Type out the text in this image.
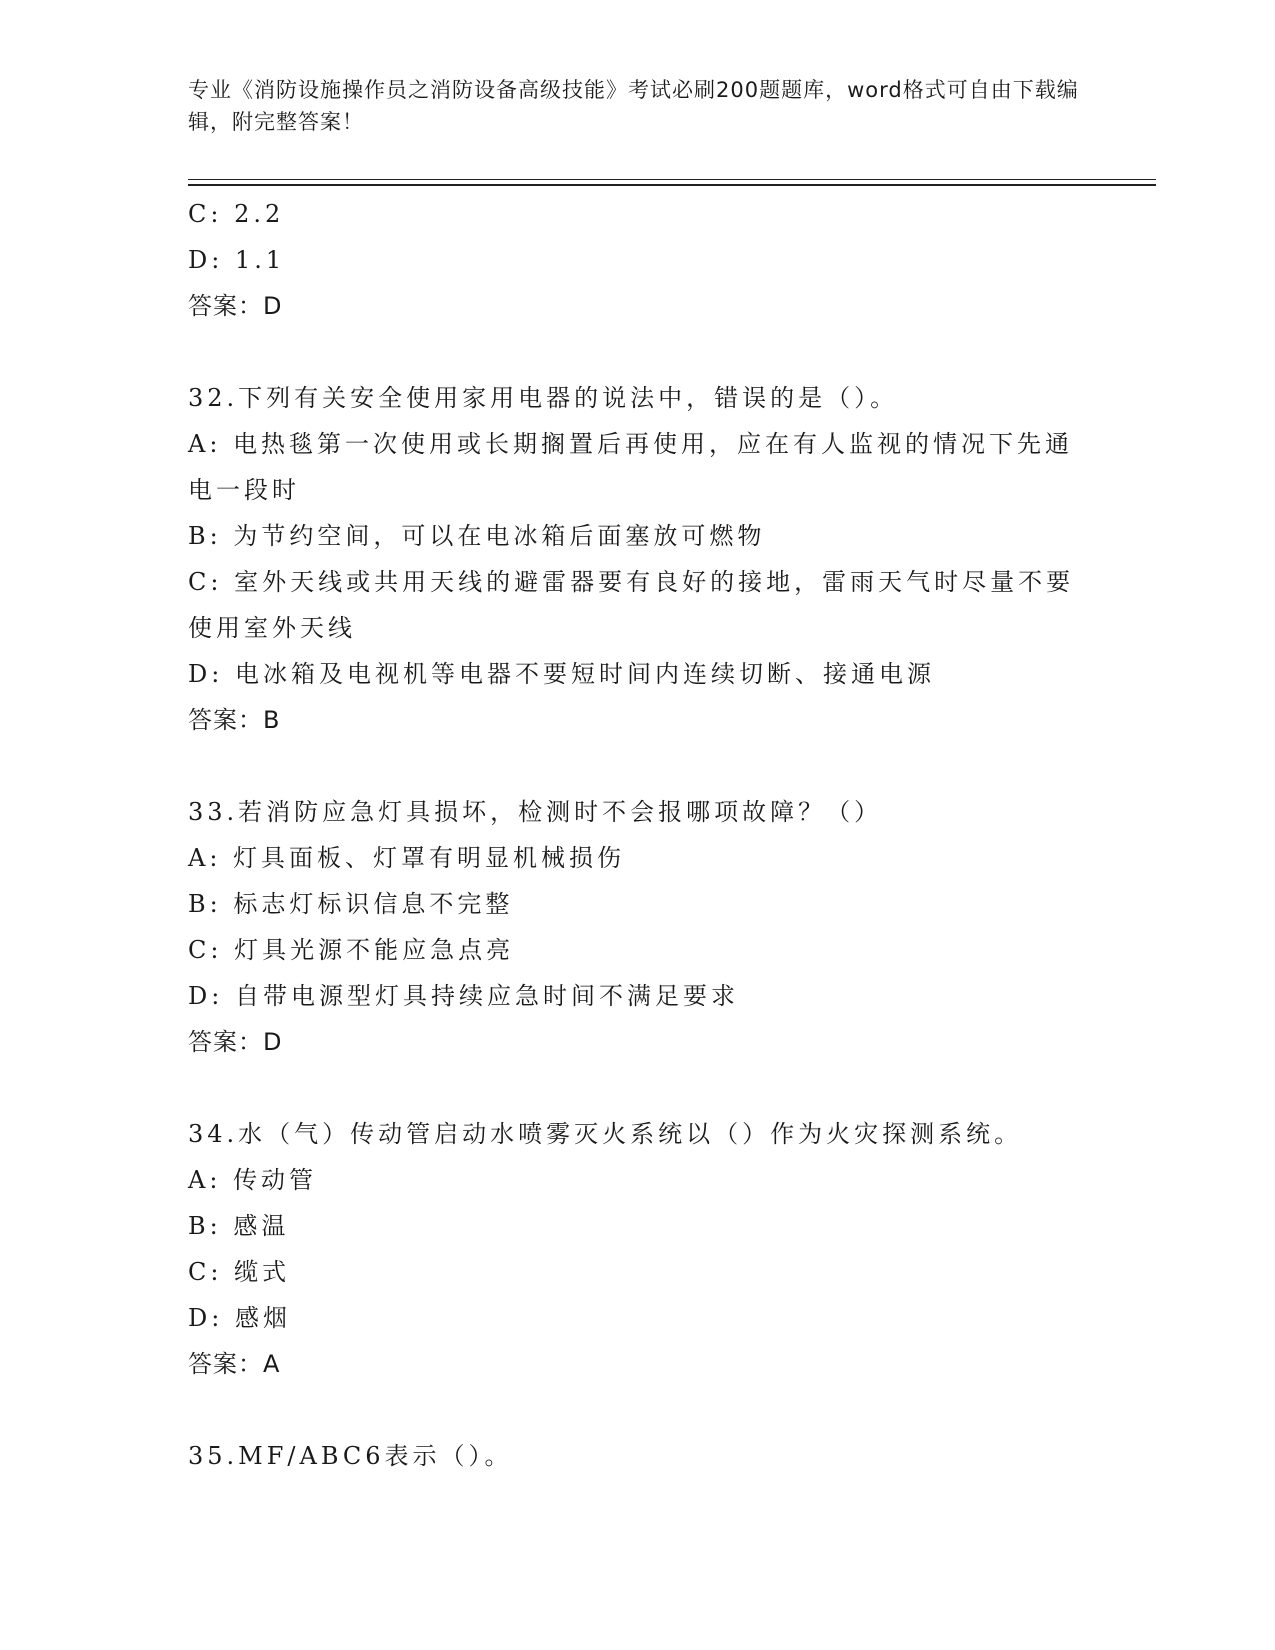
专业《消防设施操作员之消防设备高级技能》考试必刷200题题库，word格式可自由下载编辑，附完整答案！
C: 2.2
D: 1.1
答案：D
32.下列有关安全使用家用电器的说法中，错误的是（）。
A: 电热毯第一次使用或长期搁置后再使用，应在有人监视的情况下先通电一段时
B: 为节约空间，可以在电冰箱后面塞放可燃物
C: 室外天线或共用天线的避雷器要有良好的接地，雷雨天气时尽量不要使用室外天线
D: 电冰箱及电视机等电器不要短时间内连续切断、接通电源
答案：B
33.若消防应急灯具损坏，检测时不会报哪项故障？（）
A: 灯具面板、灯罩有明显机械损伤
B: 标志灯标识信息不完整
C: 灯具光源不能应急点亮
D: 自带电源型灯具持续应急时间不满足要求
答案：D
34.水（气）传动管启动水喷雾灭火系统以（）作为火灾探测系统。
A: 传动管
B: 感温
C: 缆式
D: 感烟
答案：A
35.MF/ABC6表示（）。
